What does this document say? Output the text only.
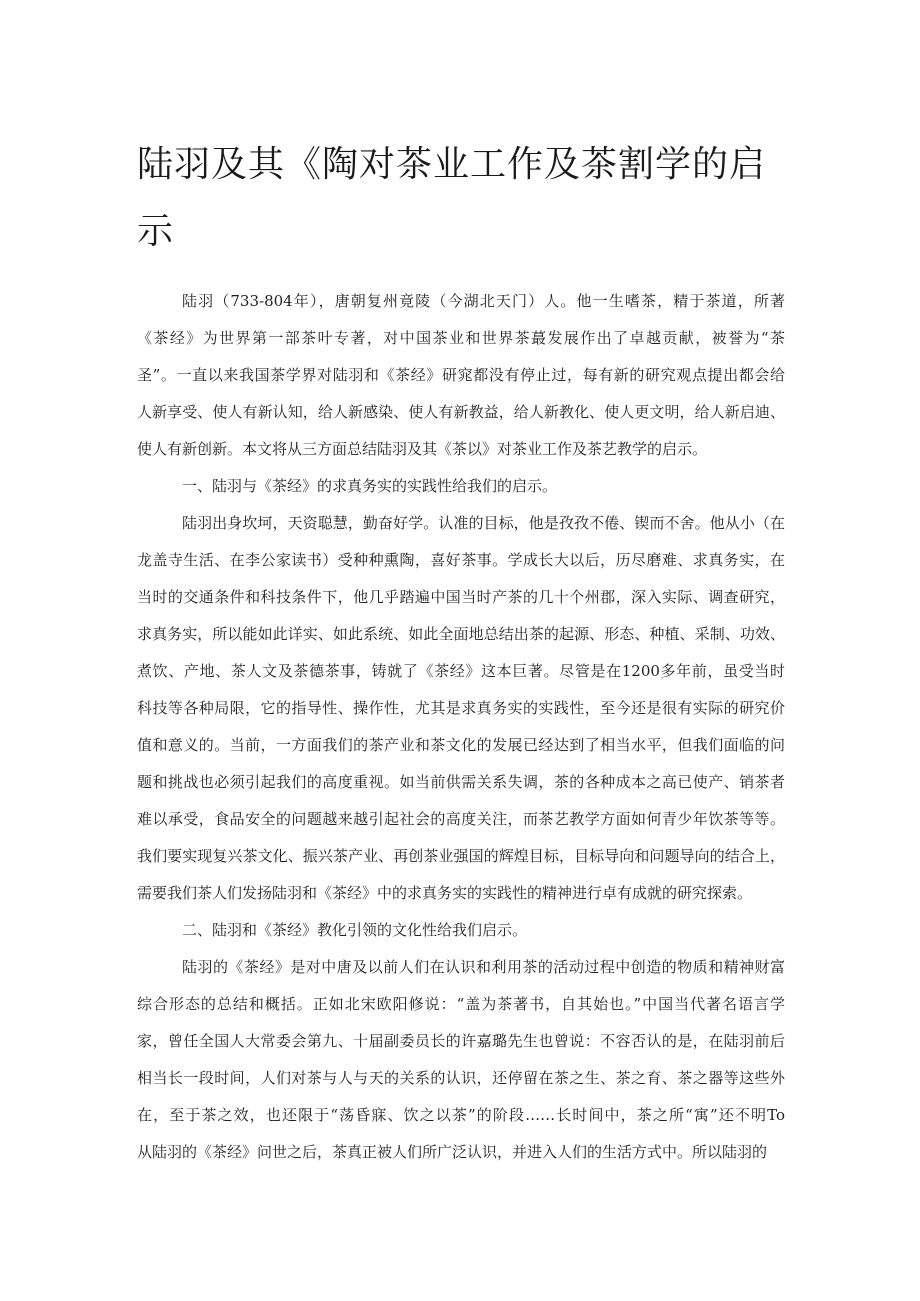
陆羽及其《陶对茶业工作及茶割学的启
示
陆羽（733-804年），唐朝复州竟陵（今湖北天门）人。他一生嗜茶，精于茶道，所著
《茶经》为世界第一部茶叶专著，对中国茶业和世界茶蕞发展作出了卓越贡献，被誉为“茶
圣”。一直以来我国茶学界对陆羽和《茶经》研窕都没有停止过，每有新的研究观点提出都会给
人新享受、使人有新认知，给人新感染、使人有新教益，给人新教化、使人更文明，给人新启迪、
使人有新创新。本文将从三方面总结陆羽及其《茶以》对茶业工作及茶艺教学的启示。
一、陆羽与《茶经》的求真务实的实践性给我们的启示。
陆羽出身坎坷，天资聪慧，勤奋好学。认准的目标，他是孜孜不倦、锲而不舍。他从小（在
龙盖寺生活、在李公家读书）受种种熏陶，喜好茶事。学成长大以后，历尽磨难、求真务实，在
当时的交通条件和科技条件下，他几乎踏遍中国当时产茶的几十个州郡，深入实际、调查研究，
求真务实，所以能如此详实、如此系统、如此全面地总结出茶的起源、形态、种植、采制、功效、
煮饮、产地、茶人文及茶德茶事，铸就了《茶经》这本巨著。尽管是在1200多年前，虽受当时
科技等各种局限，它的指导性、操作性，尤其是求真务实的实践性，至今还是很有实际的研究价
值和意义的。当前，一方面我们的茶产业和茶文化的发展已经达到了相当水平，但我们面临的问
题和挑战也必须引起我们的高度重视。如当前供需关系失调，茶的各种成本之高已使产、销茶者
难以承受，食品安全的问题越来越引起社会的高度关注，而茶艺教学方面如何青少年饮茶等等。
我们要实现复兴茶文化、振兴茶产业、再创茶业强国的辉煌目标，目标导向和问题导向的结合上，
需要我们茶人们发扬陆羽和《茶经》中的求真务实的实践性的精神进行卓有成就的研究探索。
二、陆羽和《茶经》教化引领的文化性给我们启示。
陆羽的《茶经》是对中唐及以前人们在认识和利用茶的活动过程中创造的物质和精神财富
综合形态的总结和概括。正如北宋欧阳修说：“盖为茶著书，自其始也。”中国当代著名语言学
家，曾任全国人大常委会第九、十届副委员长的许嘉璐先生也曾说：不容否认的是，在陆羽前后
相当长一段时间，人们对茶与人与天的关系的认识，还停留在茶之生、茶之育、茶之器等这些外
在，至于茶之效，也还限于“荡昏寐、饮之以茶”的阶段……长时间中，茶之所“寓”还不明To
从陆羽的《茶经》问世之后，茶真正被人们所广泛认识，并进入人们的生活方式中。所以陆羽的
